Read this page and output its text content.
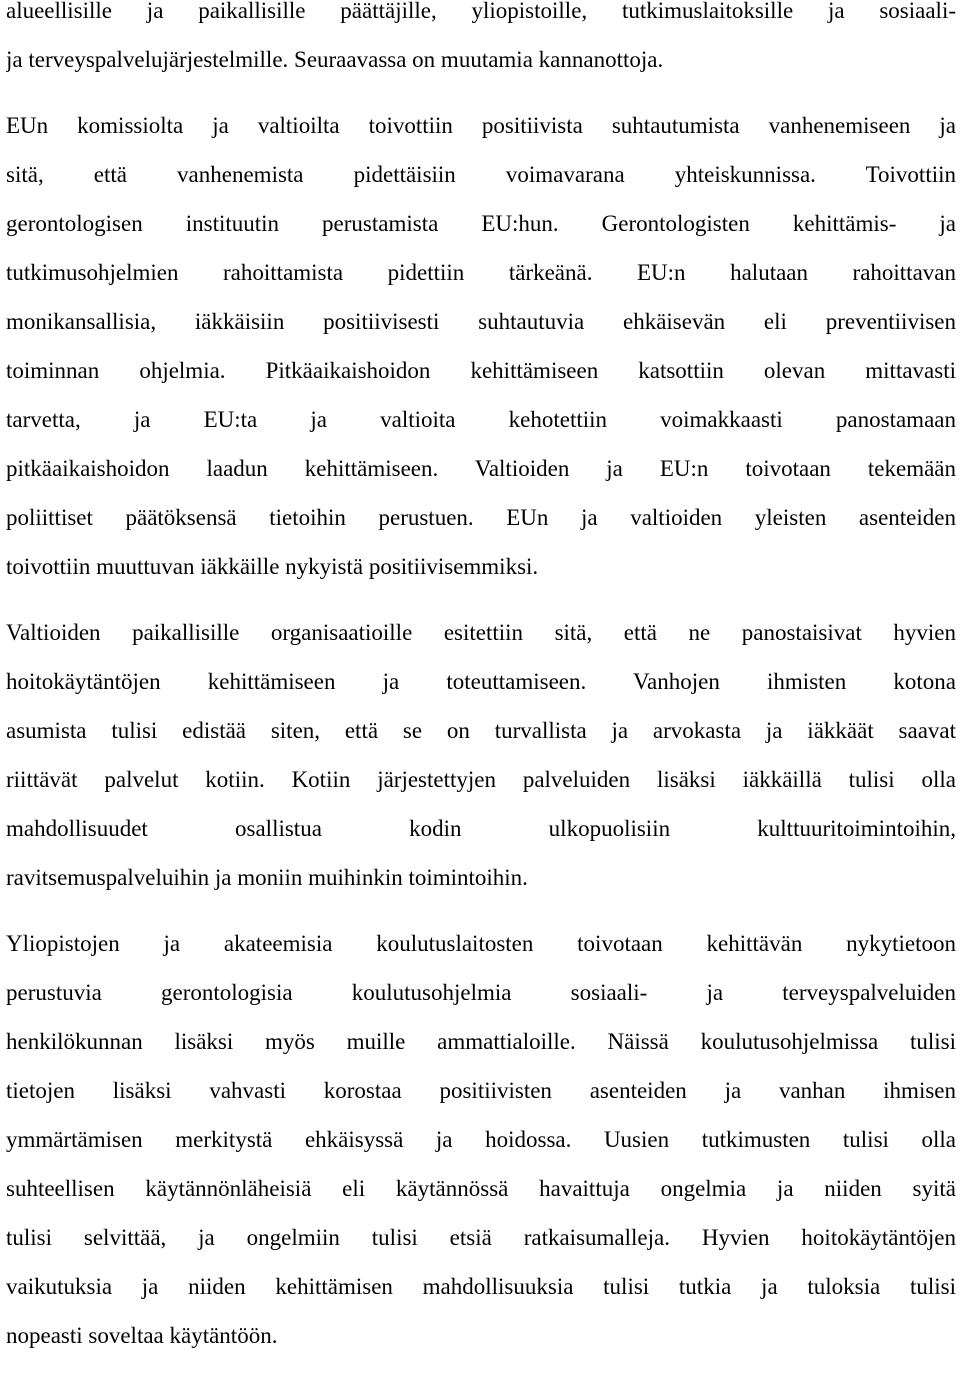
alueellisille ja paikallisille päättäjille, yliopistoille, tutkimuslaitoksille ja sosiaali-
ja terveyspalvelujärjestelmille. Seuraavassa on muutamia kannanottoja.
EUn komissiolta ja valtioilta toivottiin positiivista suhtautumista vanhenemiseen ja
sitä, että vanhenemista pidettäisiin voimavarana yhteiskunnissa. Toivottiin
gerontologisen instituutin perustamista EU:hun. Gerontologisten kehittämis- ja
tutkimusohjelmien rahoittamista pidettiin tärkeänä. EU:n halutaan rahoittavan
monikansallisia, iäkkäisiin positiivisesti suhtautuvia ehkäisevän eli preventiivisen
toiminnan ohjelmia. Pitkäaikaishoidon kehittämiseen katsottiin olevan mittavasti
tarvetta, ja EU:ta ja valtioita kehotettiin voimakkaasti panostamaan
pitkäaikaishoidon laadun kehittämiseen. Valtioiden ja EU:n toivotaan tekemään
poliittiset päätöksensä tietoihin perustuen. EUn ja valtioiden yleisten asenteiden
toivottiin muuttuvan iäkkäille nykyistä positiivisemmiksi.
Valtioiden paikallisille organisaatioille esitettiin sitä, että ne panostaisivat hyvien
hoitokäytäntöjen kehittämiseen ja toteuttamiseen. Vanhojen ihmisten kotona
asumista tulisi edistää siten, että se on turvallista ja arvokasta ja iäkkäät saavat
riittävät palvelut kotiin. Kotiin järjestettyjen palveluiden lisäksi iäkkäillä tulisi olla
mahdollisuudet osallistua kodin ulkopuolisiin kulttuuritoimintoihin,
ravitsemuspalveluihin ja moniin muihinkin toimintoihin.
Yliopistojen ja akateemisia koulutuslaitosten toivotaan kehittävän nykytietoon
perustuvia gerontologisia koulutusohjelmia sosiaali- ja terveyspalveluiden
henkilökunnan lisäksi myös muille ammattialoille. Näissä koulutusohjelmissa tulisi
tietojen lisäksi vahvasti korostaa positiivisten asenteiden ja vanhan ihmisen
ymmärtämisen merkitystä ehkäisyssä ja hoidossa. Uusien tutkimusten tulisi olla
suhteellisen käytännönläheisiä eli käytännössä havaittuja ongelmia ja niiden syitä
tulisi selvittää, ja ongelmiin tulisi etsiä ratkaisumalleja. Hyvien hoitokäytäntöjen
vaikutuksia ja niiden kehittämisen mahdollisuuksia tulisi tutkia ja tuloksia tulisi
nopeasti soveltaa käytäntöön.
